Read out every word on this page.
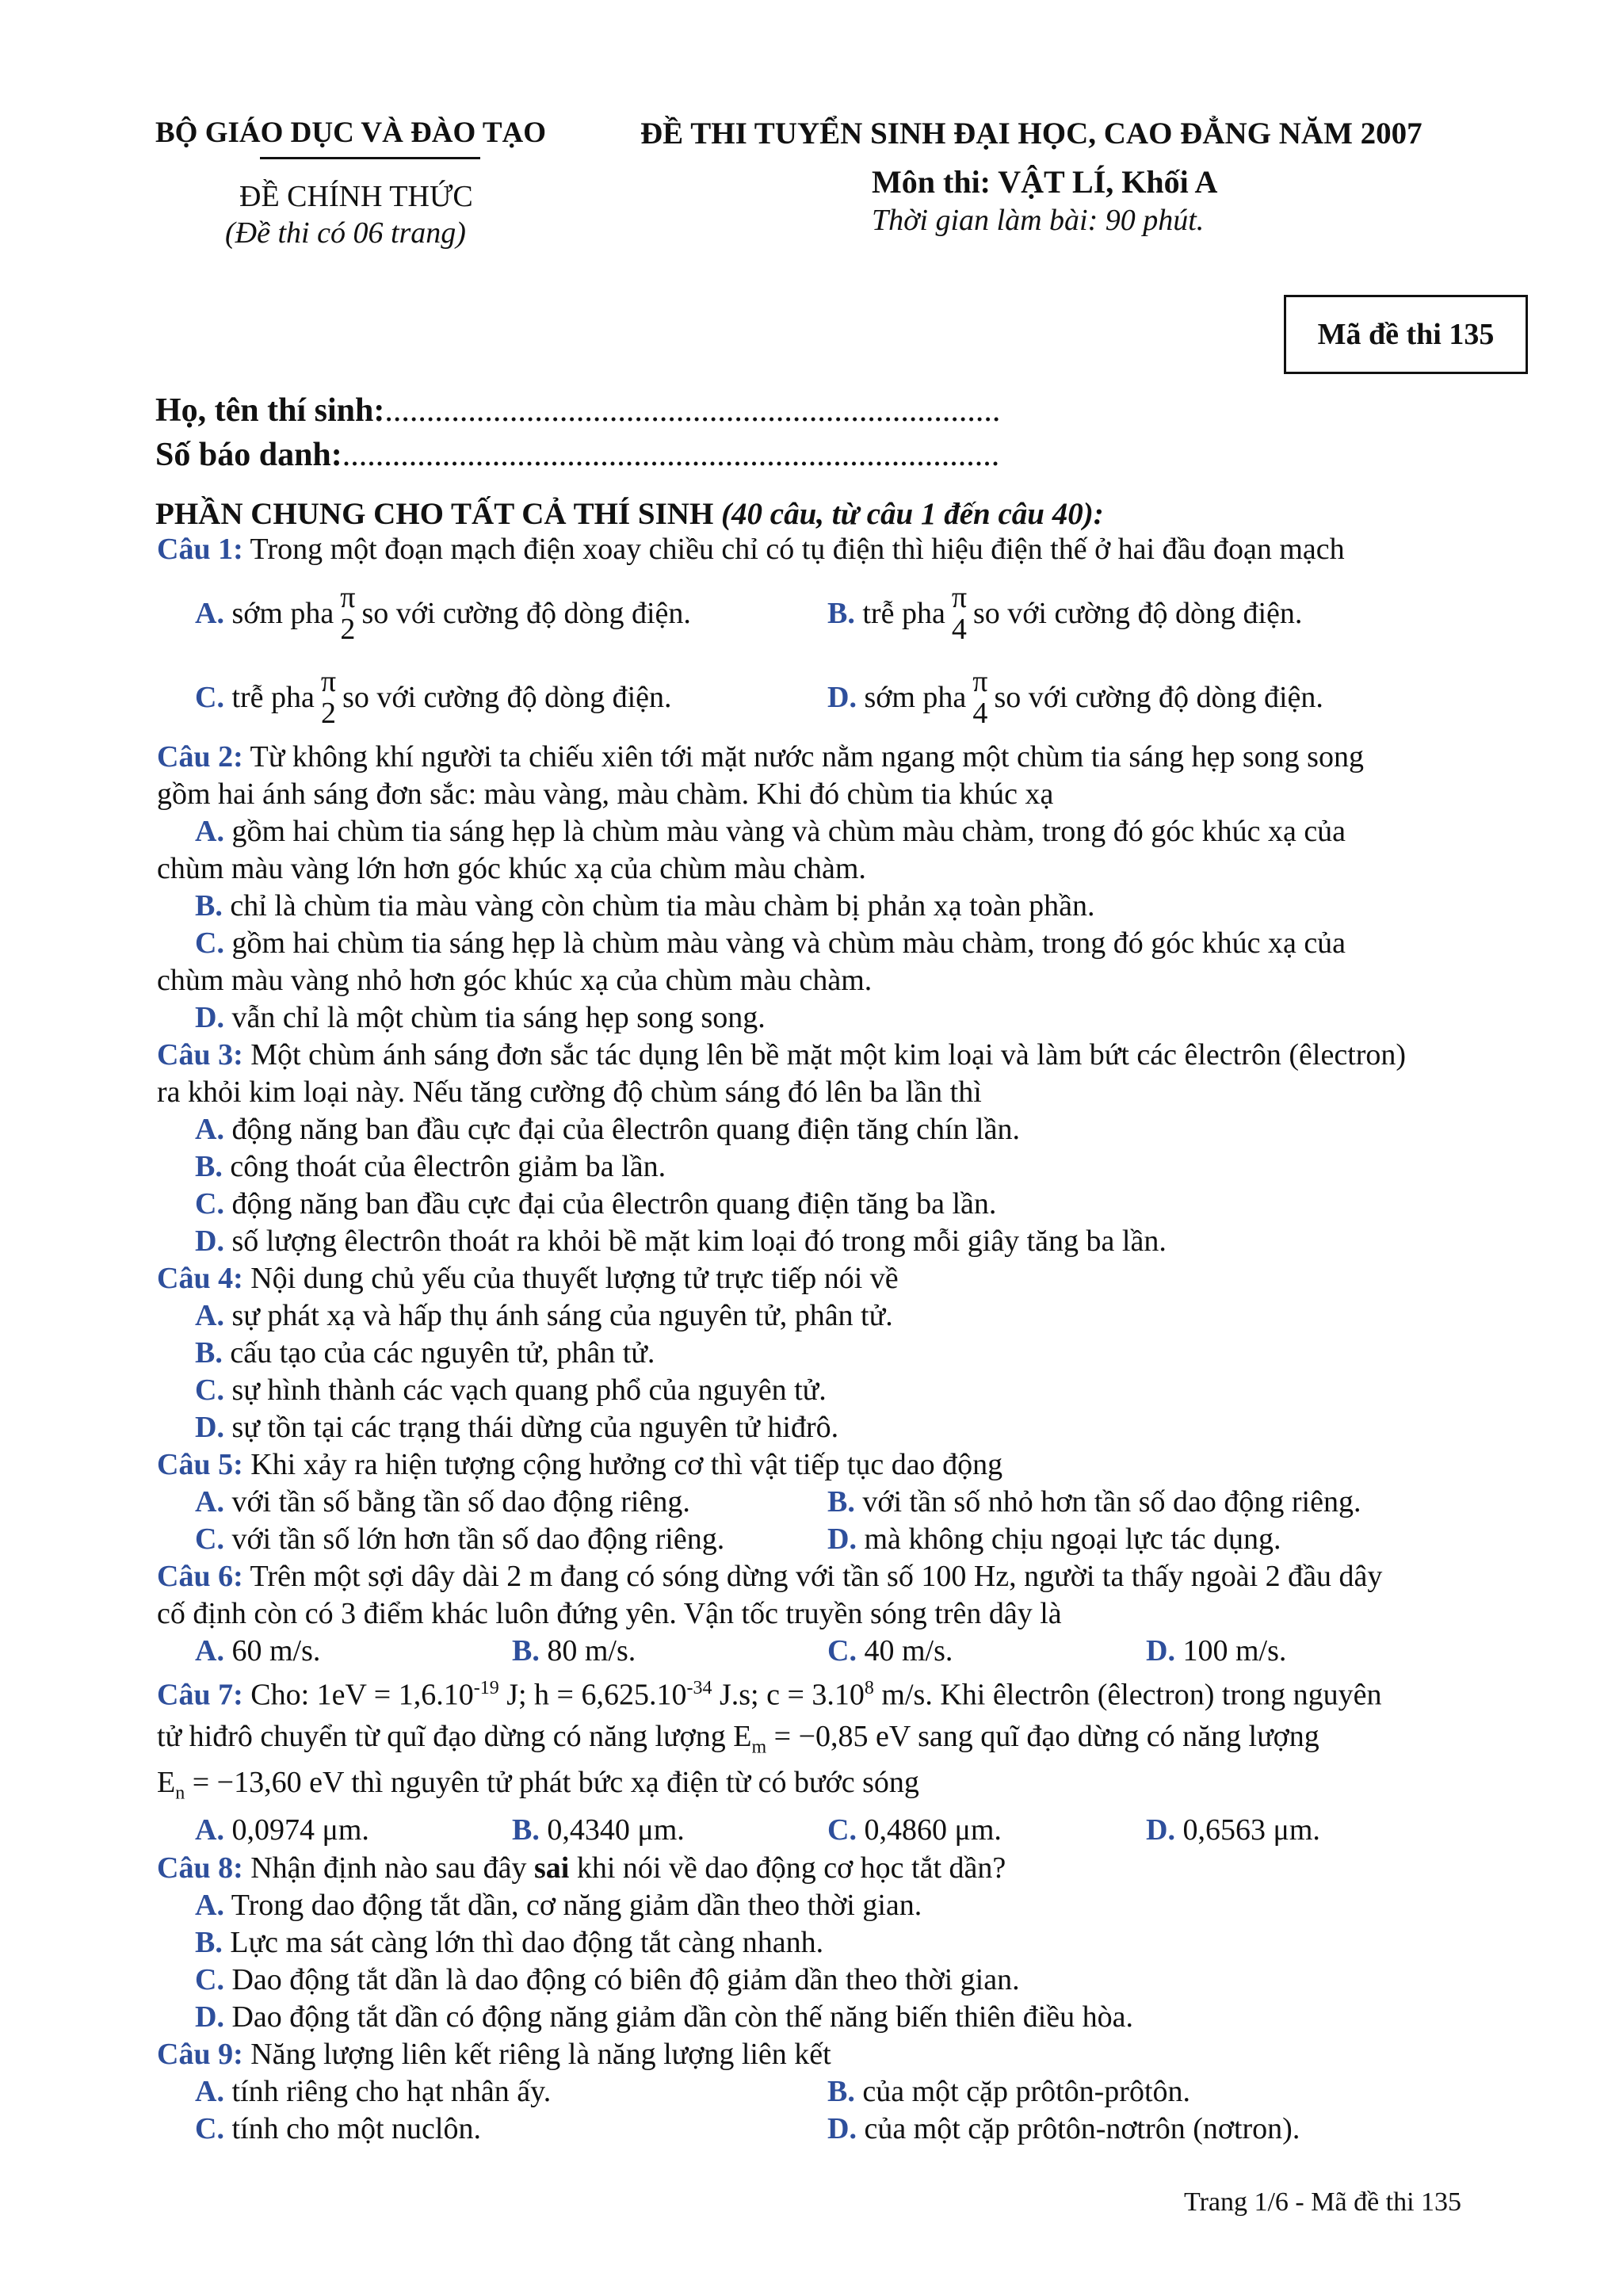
BỘ GIÁO DỤC VÀ ĐÀO TẠO
ĐỀ CHÍNH THỨC
(Đề thi có 06 trang)
ĐỀ THI TUYỂN SINH ĐẠI HỌC, CAO ĐẲNG NĂM 2007
Môn thi: VẬT LÍ, Khối A
Thời gian làm bài: 90 phút.
Mã đề thi 135
Họ, tên thí sinh:..........................................................................
Số báo danh:...............................................................................
PHẦN CHUNG CHO TẤT CẢ THÍ SINH (40 câu, từ câu 1 đến câu 40):
Câu 1: Trong một đoạn mạch điện xoay chiều chỉ có tụ điện thì hiệu điện thế ở hai đầu đoạn mạch
A.
sớm pha π
2 so với cường độ dòng điện.	B.
trễ pha π
4 so với cường độ dòng điện.
C.
trễ pha π
2 so với cường độ dòng điện.	D.
sớm pha π
4 so với cường độ dòng điện.
Câu 2: Từ không khí người ta chiếu xiên tới mặt nước nằm ngang một chùm tia sáng hẹp song song
gồm hai ánh sáng đơn sắc: màu vàng, màu chàm. Khi đó chùm tia khúc xạ
A. gồm hai chùm tia sáng hẹp là chùm màu vàng và chùm màu chàm, trong đó góc khúc xạ của
chùm màu vàng lớn hơn góc khúc xạ của chùm màu chàm.
B. chỉ là chùm tia màu vàng còn chùm tia màu chàm bị phản xạ toàn phần.
C. gồm hai chùm tia sáng hẹp là chùm màu vàng và chùm màu chàm, trong đó góc khúc xạ của
chùm màu vàng nhỏ hơn góc khúc xạ của chùm màu chàm.
D. vẫn chỉ là một chùm tia sáng hẹp song song.
Câu 3: Một chùm ánh sáng đơn sắc tác dụng lên bề mặt một kim loại và làm bứt các êlectrôn (êlectron)
ra khỏi kim loại này. Nếu tăng cường độ chùm sáng đó lên ba lần thì
A. động năng ban đầu cực đại của êlectrôn quang điện tăng chín lần.
B. công thoát của êlectrôn giảm ba lần.
C. động năng ban đầu cực đại của êlectrôn quang điện tăng ba lần.
D. số lượng êlectrôn thoát ra khỏi bề mặt kim loại đó trong mỗi giây tăng ba lần.
Câu 4: Nội dung chủ yếu của thuyết lượng tử trực tiếp nói về
A. sự phát xạ và hấp thụ ánh sáng của nguyên tử, phân tử.
B. cấu tạo của các nguyên tử, phân tử.
C. sự hình thành các vạch quang phổ của nguyên tử.
D. sự tồn tại các trạng thái dừng của nguyên tử hiđrô.
Câu 5: Khi xảy ra hiện tượng cộng hưởng cơ thì vật tiếp tục dao động
A. với tần số bằng tần số dao động riêng.	B. với tần số nhỏ hơn tần số dao động riêng.
C. với tần số lớn hơn tần số dao động riêng.	D. mà không chịu ngoại lực tác dụng.
Câu 6: Trên một sợi dây dài 2 m đang có sóng dừng với tần số 100 Hz, người ta thấy ngoài 2 đầu dây
cố định còn có 3 điểm khác luôn đứng yên. Vận tốc truyền sóng trên dây là
A. 60 m/s.	B. 80 m/s.	C. 40 m/s.	D. 100 m/s.
Câu 7: Cho: $1eV = 1,6.10^{-19}$ J; $h = 6,625.10^{-34}$ J.s; $c = 3.10^8$ m/s. Khi êlectrôn (êlectron) trong nguyên
tử hiđrô chuyển từ quĩ đạo dừng có năng lượng $E_m = -0,85$ eV sang quĩ đạo dừng có năng lượng
$E_n = -13,60$ eV thì nguyên tử phát bức xạ điện từ có bước sóng
A. 0,0974 μm.	B. 0,4340 μm.	C. 0,4860 μm.	D. 0,6563 μm.
Câu 8: Nhận định nào sau đây sai khi nói về dao động cơ học tắt dần?
A. Trong dao động tắt dần, cơ năng giảm dần theo thời gian.
B. Lực ma sát càng lớn thì dao động tắt càng nhanh.
C. Dao động tắt dần là dao động có biên độ giảm dần theo thời gian.
D. Dao động tắt dần có động năng giảm dần còn thế năng biến thiên điều hòa.
Câu 9: Năng lượng liên kết riêng là năng lượng liên kết
A. tính riêng cho hạt nhân ấy.	B. của một cặp prôtôn-prôtôn.
C. tính cho một nuclôn.	D. của một cặp prôtôn-nơtrôn (nơtron).
Trang 1/6 - Mã đề thi 135
